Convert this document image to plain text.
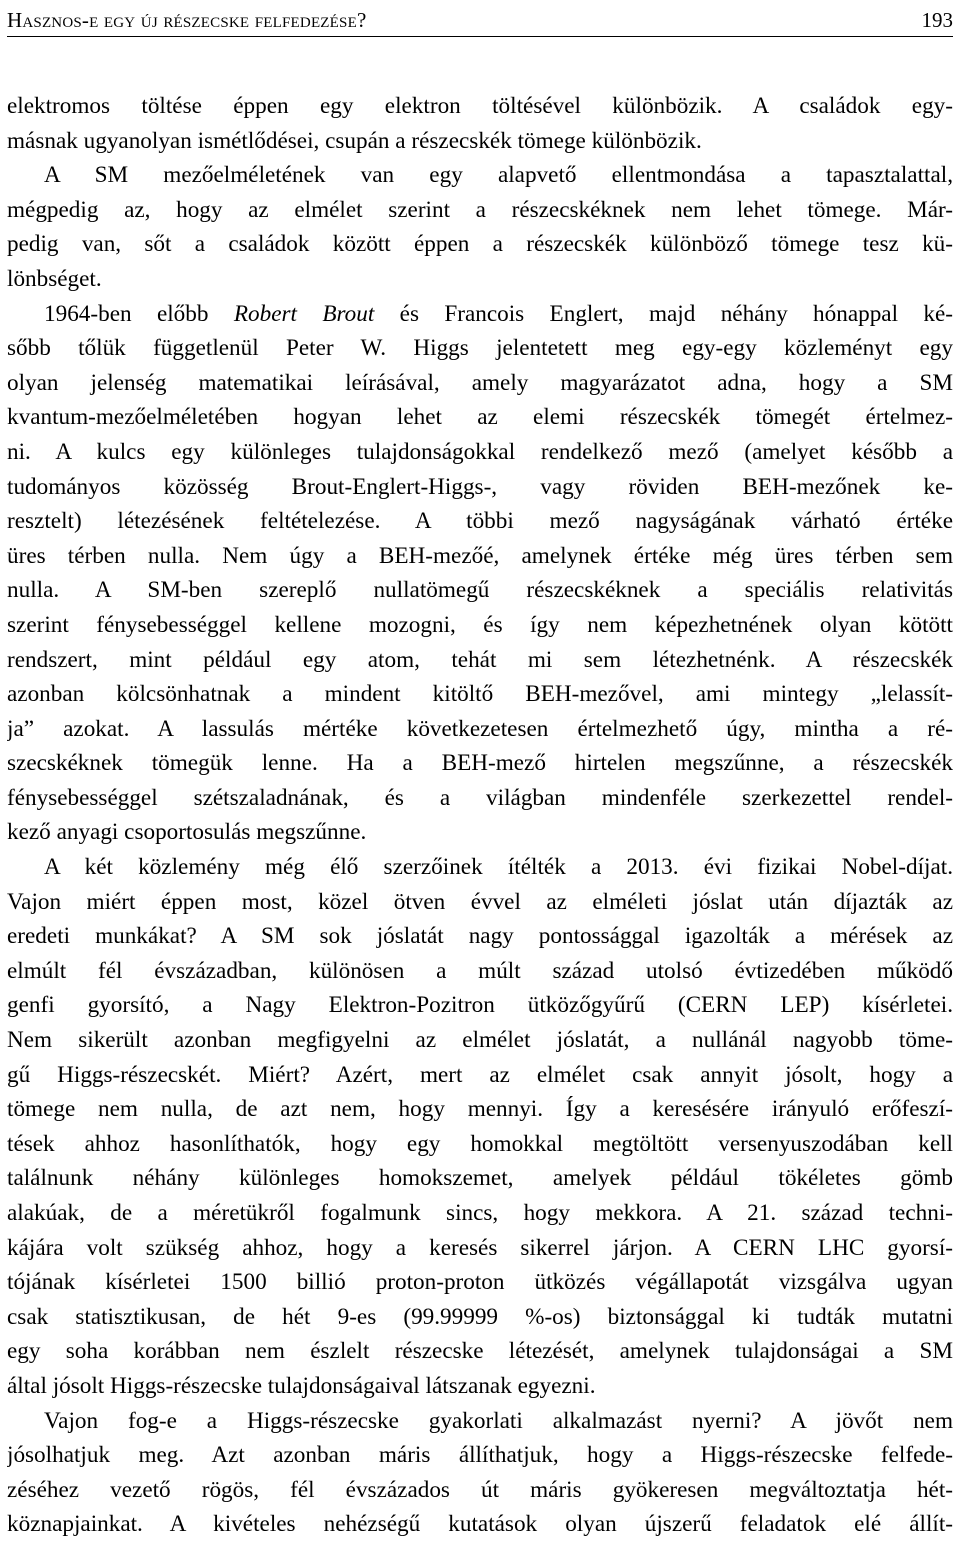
Hasznos-e egy új részecske felfedezése?	193
elektromos töltése éppen egy elektron töltésével különbözik. A családok egy-
másnak ugyanolyan ismétlődései, csupán a részecskék tömege különbözik.
A SM mezőelméletének van egy alapvető ellentmondása a tapasztalattal,
mégpedig az, hogy az elmélet szerint a részecskéknek nem lehet tömege. Már-
pedig van, sőt a családok között éppen a részecskék különböző tömege tesz kü-
lönbséget.
1964-ben előbb Robert Brout és Francois Englert, majd néhány hónappal ké-
sőbb tőlük függetlenül Peter W. Higgs jelentetett meg egy-egy közleményt egy
olyan jelenség matematikai leírásával, amely magyarázatot adna, hogy a SM
kvantum-mezőelméletében hogyan lehet az elemi részecskék tömegét értelmez-
ni. A kulcs egy különleges tulajdonságokkal rendelkező mező (amelyet később a
tudományos közösség Brout-Englert-Higgs-, vagy röviden BEH-mezőnek ke-
resztelt) létezésének feltételezése. A többi mező nagyságának várható értéke
üres térben nulla. Nem úgy a BEH-mezőé, amelynek értéke még üres térben sem
nulla. A SM-ben szereplő nullatömegű részecskéknek a speciális relativitás
szerint fénysebességgel kellene mozogni, és így nem képezhetnének olyan kötött
rendszert, mint például egy atom, tehát mi sem létezhetnénk. A részecskék
azonban kölcsönhatnak a mindent kitöltő BEH-mezővel, ami mintegy „lelassít-
ja” azokat. A lassulás mértéke következetesen értelmezhető úgy, mintha a ré-
szecskéknek tömegük lenne. Ha a BEH-mező hirtelen megszűnne, a részecskék
fénysebességgel szétszaladnának, és a világban mindenféle szerkezettel rendel-
kező anyagi csoportosulás megszűnne.
A két közlemény még élő szerzőinek ítélték a 2013. évi fizikai Nobel-díjat.
Vajon miért éppen most, közel ötven évvel az elméleti jóslat után díjazták az
eredeti munkákat? A SM sok jóslatát nagy pontossággal igazolták a mérések az
elmúlt fél évszázadban, különösen a múlt század utolsó évtizedében működő
genfi gyorsító, a Nagy Elektron-Pozitron ütközőgyűrű (CERN LEP) kísérletei.
Nem sikerült azonban megfigyelni az elmélet jóslatát, a nullánál nagyobb töme-
gű Higgs-részecskét. Miért? Azért, mert az elmélet csak annyit jósolt, hogy a
tömege nem nulla, de azt nem, hogy mennyi. Így a keresésére irányuló erőfeszí-
tések ahhoz hasonlíthatók, hogy egy homokkal megtöltött versenyuszodában kell
találnunk néhány különleges homokszemet, amelyek például tökéletes gömb
alakúak, de a méretükről fogalmunk sincs, hogy mekkora. A 21. század techni-
kájára volt szükség ahhoz, hogy a keresés sikerrel járjon. A CERN LHC gyorsí-
tójának kísérletei 1500 billió proton-proton ütközés végállapotát vizsgálva ugyan
csak statisztikusan, de hét 9-es (99.99999 %-os) biztonsággal ki tudták mutatni
egy soha korábban nem észlelt részecske létezését, amelynek tulajdonságai a SM
által jósolt Higgs-részecske tulajdonságaival látszanak egyezni.
Vajon fog-e a Higgs-részecske gyakorlati alkalmazást nyerni? A jövőt nem
jósolhatjuk meg. Azt azonban máris állíthatjuk, hogy a Higgs-részecske felfede-
zéséhez vezető rögös, fél évszázados út máris gyökeresen megváltoztatja hét-
köznapjainkat. A kivételes nehézségű kutatások olyan újszerű feladatok elé állít-
